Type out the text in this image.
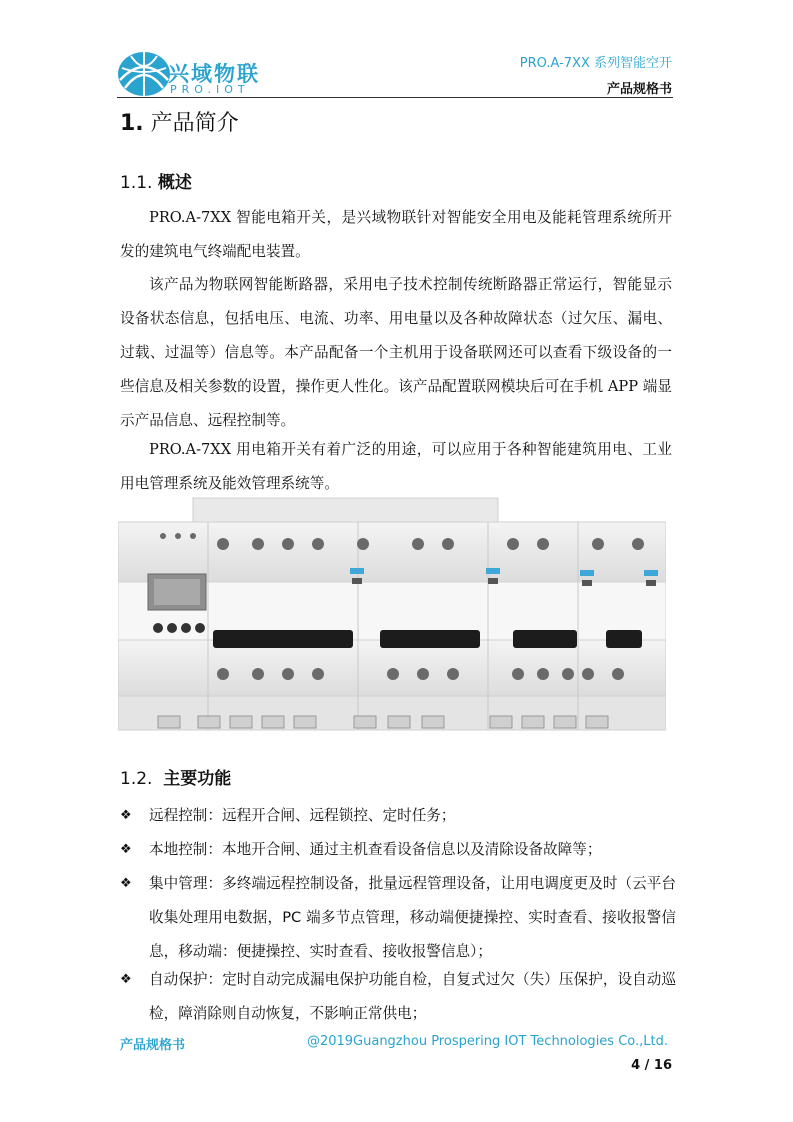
兴域物联
PRO.IOT
PRO.A-7XX 系列智能空开
产品规格书
1. 产品简介
1.1. 概述
PRO.A-7XX 智能电箱开关，是兴域物联针对智能安全用电及能耗管理系统所开发的建筑电气终端配电装置。
该产品为物联网智能断路器，采用电子技术控制传统断路器正常运行，智能显示设备状态信息，包括电压、电流、功率、用电量以及各种故障状态（过欠压、漏电、过载、过温等）信息等。本产品配备一个主机用于设备联网还可以查看下级设备的一些信息及相关参数的设置，操作更人性化。该产品配置联网模块后可在手机 APP 端显示产品信息、远程控制等。
PRO.A-7XX 用电箱开关有着广泛的用途，可以应用于各种智能建筑用电、工业用电管理系统及能效管理系统等。
1.2. 主要功能
❖	远程控制：远程开合闸、远程锁控、定时任务；
❖	本地控制：本地开合闸、通过主机查看设备信息以及清除设备故障等；
❖	集中管理：多终端远程控制设备，批量远程管理设备，让用电调度更及时（云平台收集处理用电数据，PC 端多节点管理，移动端便捷操控、实时查看、接收报警信息，移动端：便捷操控、实时查看、接收报警信息）；
❖	自动保护：定时自动完成漏电保护功能自检，自复式过欠（失）压保护，设自动巡检，障消除则自动恢复，不影响正常供电；
产品规格书	@2019Guangzhou Prospering IOT Technologies Co.,Ltd.
4 / 16
